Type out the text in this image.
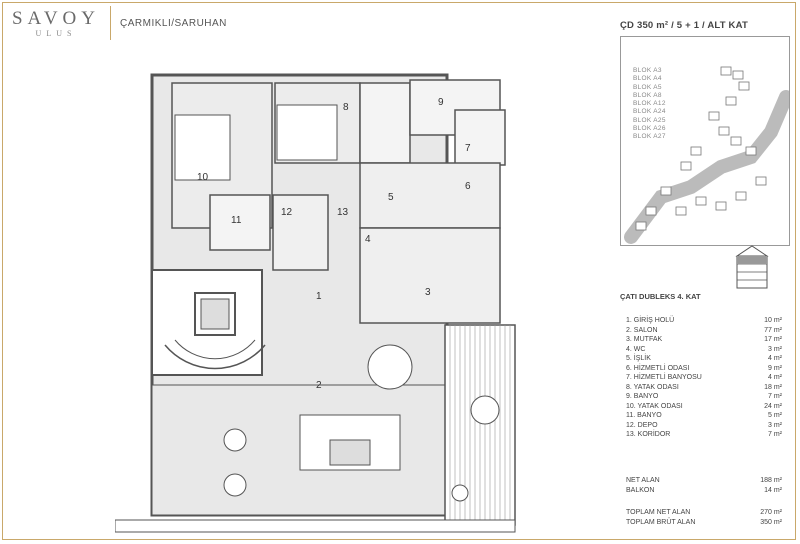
SAVOY
ULUS
ÇARMIKLI/SARUHAN
10
8	9
7
6
5
4
3
1
2
11
12	13
ÇD 350 m² / 5 + 1 / ALT KAT
BLOK A3
BLOK A4
BLOK A5
BLOK A8
BLOK A12
BLOK A24
BLOK A25
BLOK A26
BLOK A27
ÇATI DUBLEKS 4. KAT
1. GİRİŞ HOLÜ	10 m²
2. SALON	77 m²
3. MUTFAK	17 m²
4. WC	3 m²
5. İŞLİK	4 m²
6. HİZMETLİ ODASI	9 m²
7. HİZMETLİ BANYOSU	4 m²
8. YATAK ODASI	18 m²
9. BANYO	7 m²
10. YATAK ODASI	24 m²
11. BANYO	5 m²
12. DEPO	3 m²
13. KORİDOR	7 m²
NET ALAN	188 m²
BALKON	14 m²
TOPLAM NET ALAN	270 m²
TOPLAM BRÜT ALAN	350 m²
